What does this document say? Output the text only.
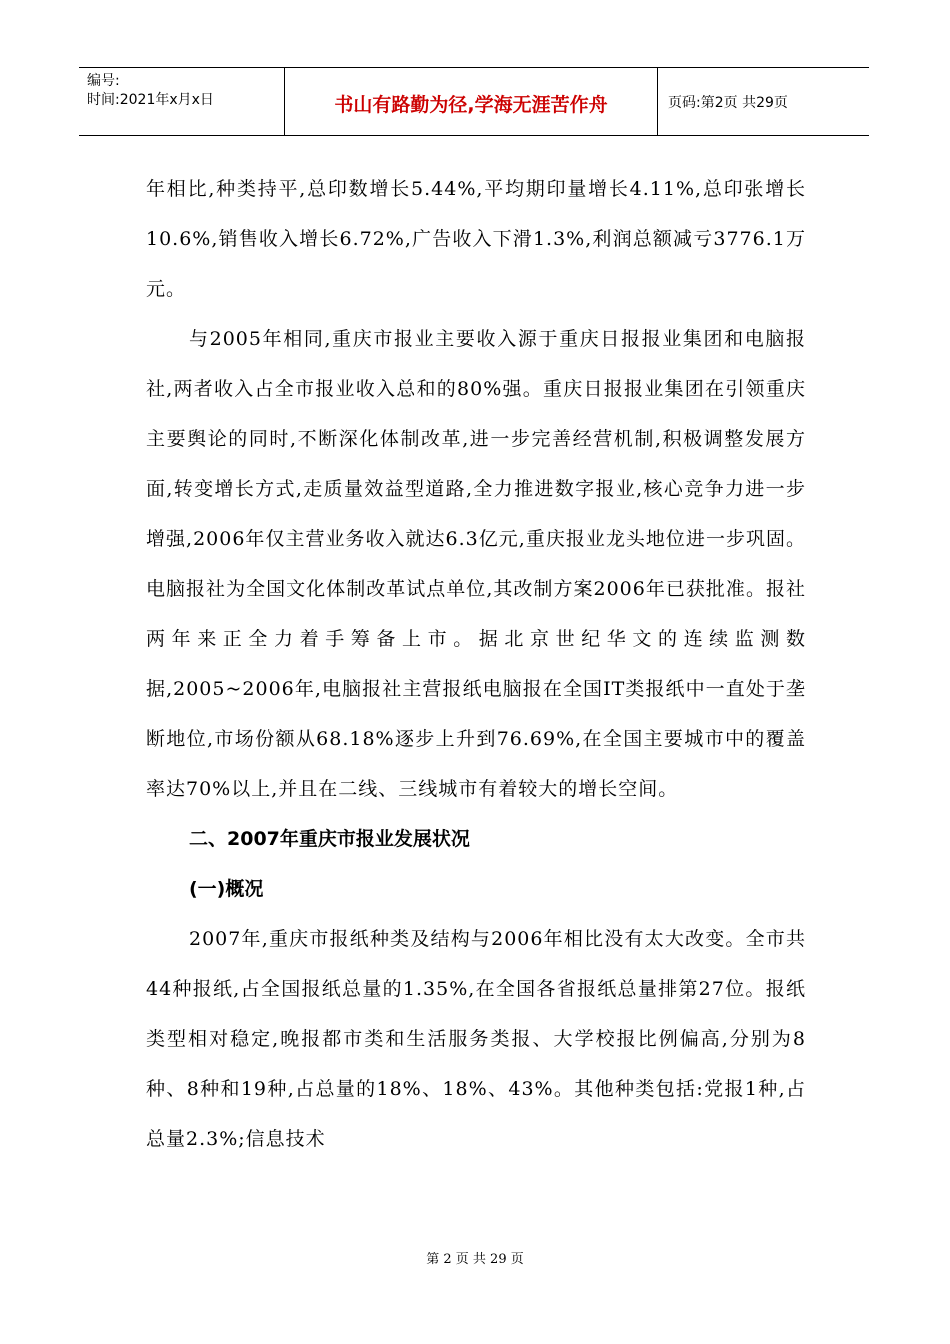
编号:
时间:2021年x月x日	书山有路勤为径,学海无涯苦作舟	页码:第2页 共29页

年相比,种类持平,总印数增长5.44%,平均期印量增长4.11%,总印张增长10.6%,销售收入增长6.72%,广告收入下滑1.3%,利润总额减亏3776.1万元。

与2005年相同,重庆市报业主要收入源于重庆日报报业集团和电脑报社,两者收入占全市报业收入总和的80%强。重庆日报报业集团在引领重庆主要舆论的同时,不断深化体制改革,进一步完善经营机制,积极调整发展方面,转变增长方式,走质量效益型道路,全力推进数字报业,核心竞争力进一步增强,2006年仅主营业务收入就达6.3亿元,重庆报业龙头地位进一步巩固。电脑报社为全国文化体制改革试点单位,其改制方案2006年已获批准。报社两年来正全力着手筹备上市。据北京世纪华文的连续监测数据,2005~2006年,电脑报社主营报纸电脑报在全国IT类报纸中一直处于垄断地位,市场份额从68.18%逐步上升到76.69%,在全国主要城市中的覆盖率达70%以上,并且在二线、三线城市有着较大的增长空间。

二、2007年重庆市报业发展状况

(一)概况

2007年,重庆市报纸种类及结构与2006年相比没有太大改变。全市共44种报纸,占全国报纸总量的1.35%,在全国各省报纸总量排第27位。报纸类型相对稳定,晚报都市类和生活服务类报、大学校报比例偏高,分别为8 种、8种和19种,占总量的18%、18%、43%。其他种类包括:党报1种,占总量2.3%;信息技术

第 2 页 共 29 页
